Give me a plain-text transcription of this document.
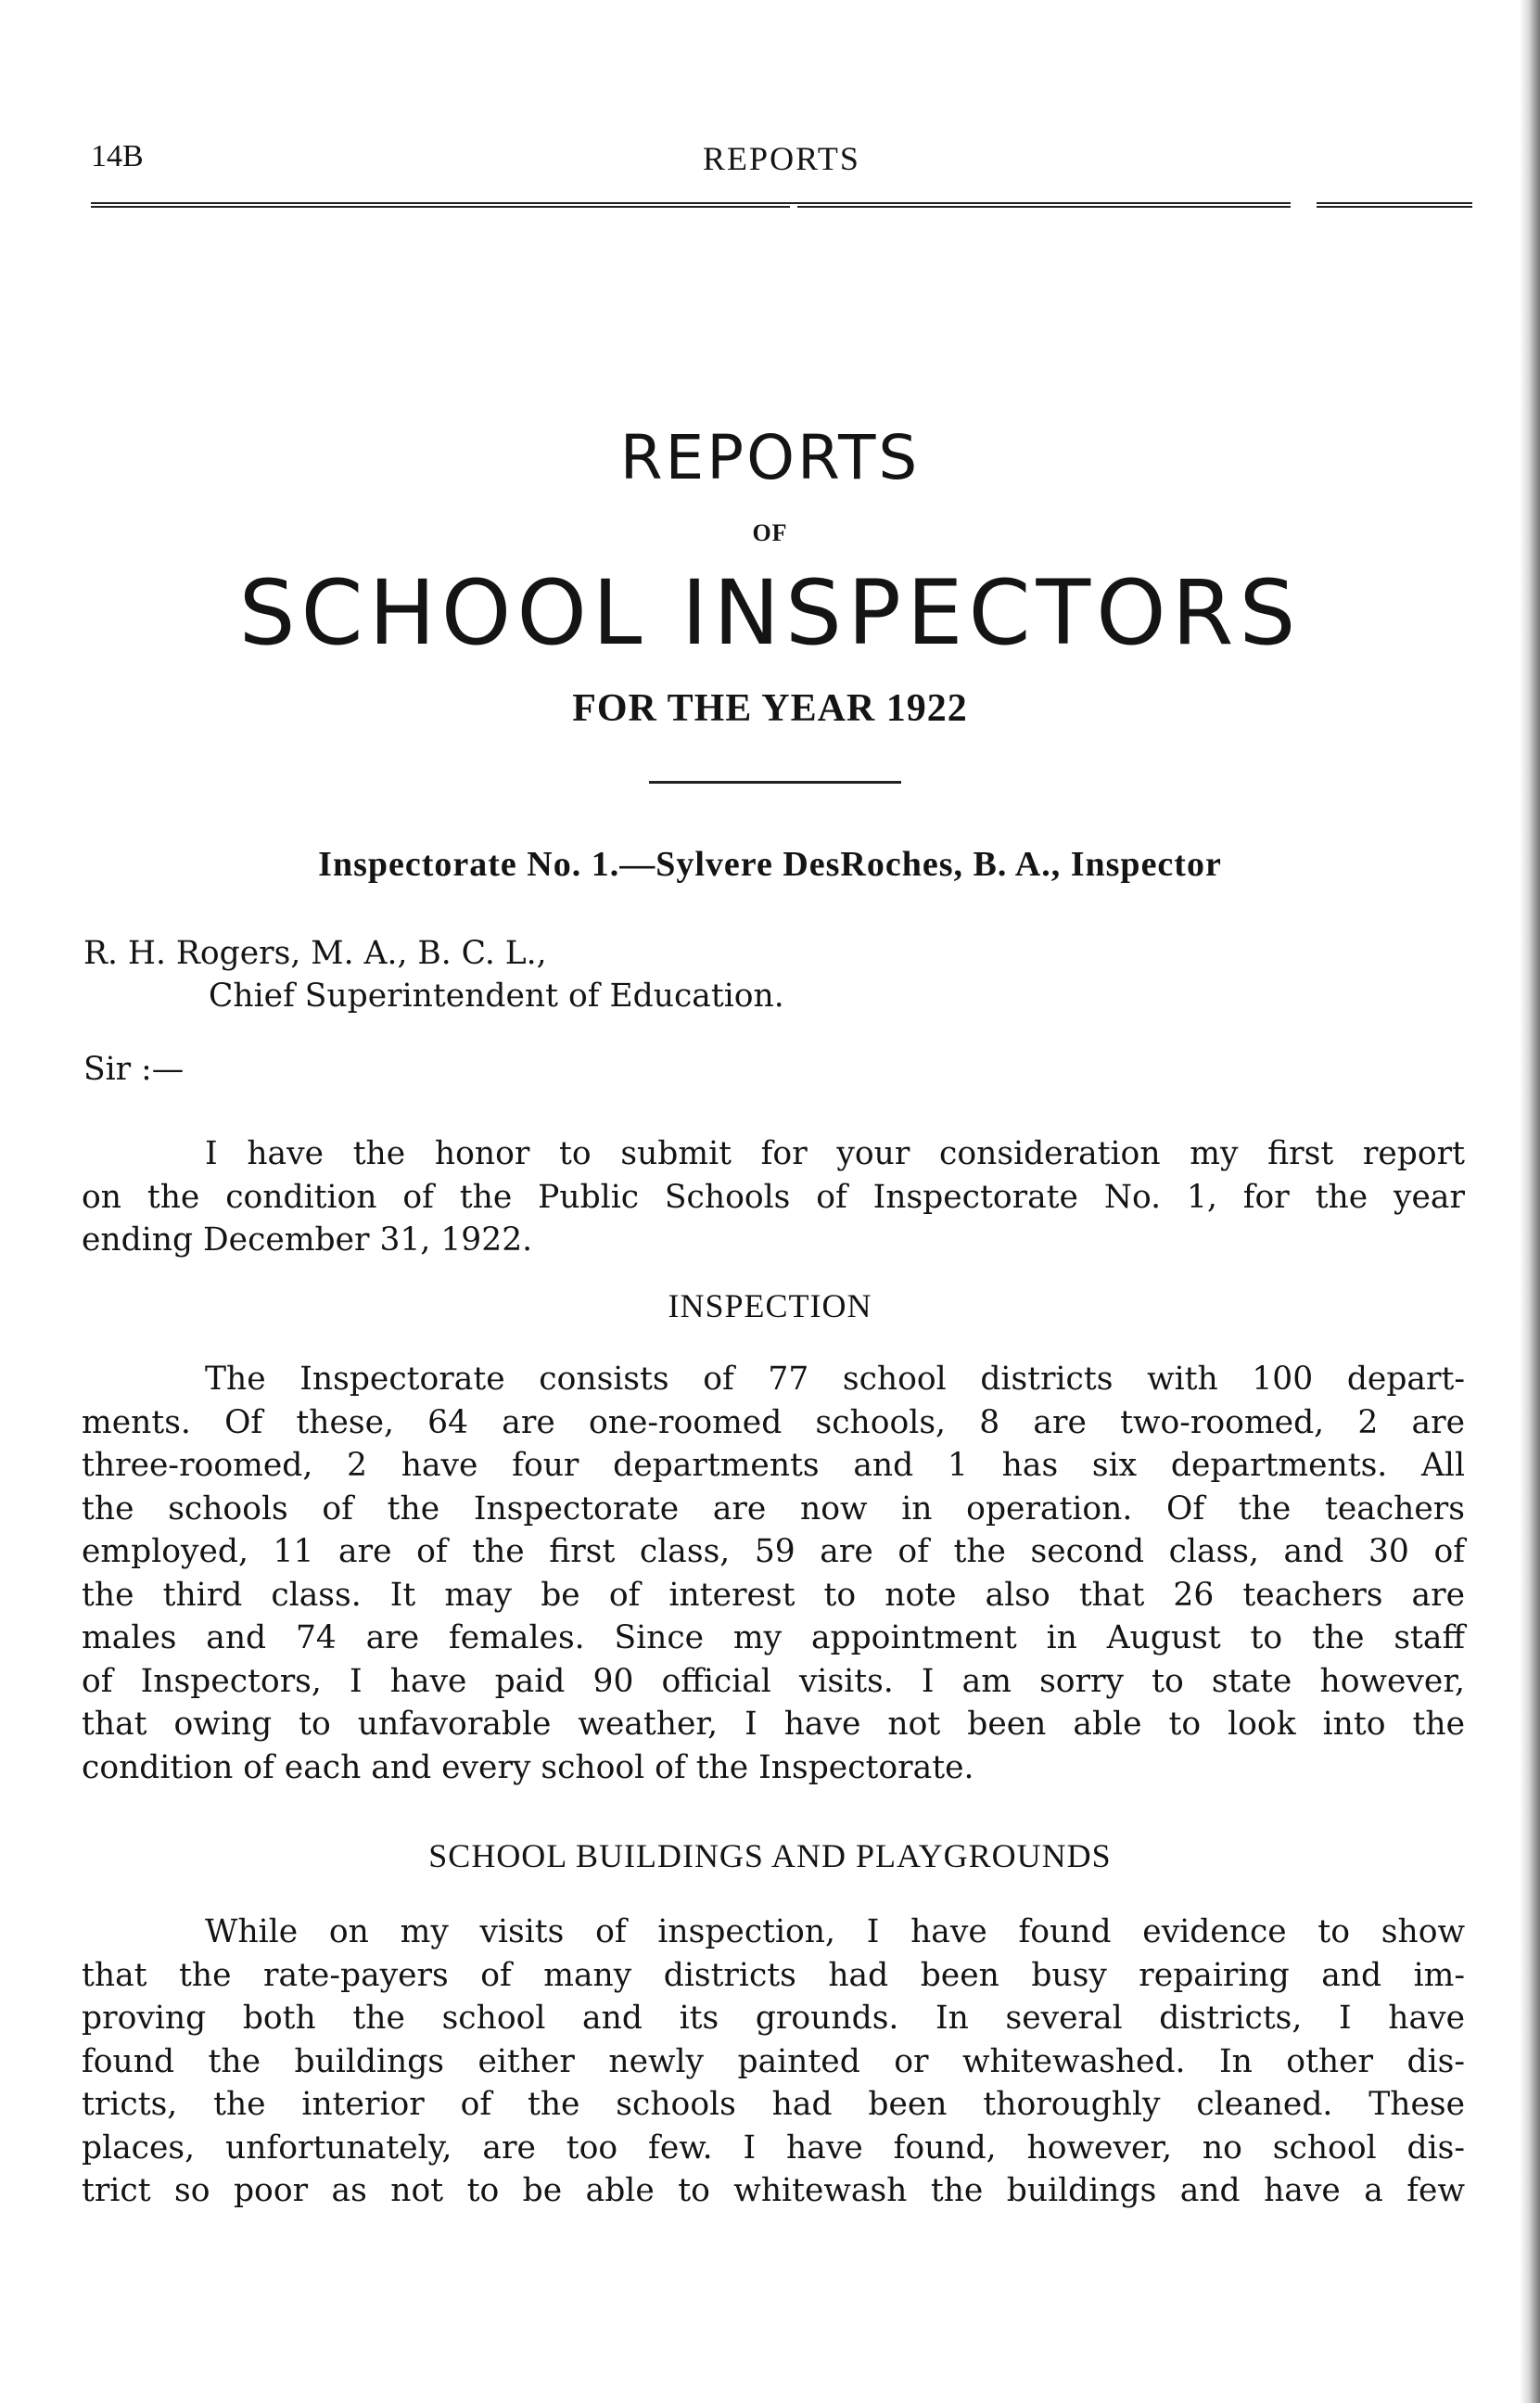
14B	REPORTS
REPORTS
OF
SCHOOL INSPECTORS
FOR THE YEAR 1922
Inspectorate No. 1.—Sylvere DesRoches, B. A., Inspector
R. H. Rogers, M. A., B. C. L.,
Chief Superintendent of Education.
Sir :—
I have the honor to submit for your consideration my first report
on the condition of the Public Schools of Inspectorate No. 1, for the year
ending December 31, 1922.
INSPECTION
The Inspectorate consists of 77 school districts with 100 depart-
ments. Of these, 64 are one-roomed schools, 8 are two-roomed, 2 are
three-roomed, 2 have four departments and 1 has six departments. All
the schools of the Inspectorate are now in operation. Of the teachers
employed, 11 are of the first class, 59 are of the second class, and 30 of
the third class. It may be of interest to note also that 26 teachers are
males and 74 are females. Since my appointment in August to the staff
of Inspectors, I have paid 90 official visits. I am sorry to state however,
that owing to unfavorable weather, I have not been able to look into the
condition of each and every school of the Inspectorate.
SCHOOL BUILDINGS AND PLAYGROUNDS
While on my visits of inspection, I have found evidence to show
that the rate-payers of many districts had been busy repairing and im-
proving both the school and its grounds. In several districts, I have
found the buildings either newly painted or whitewashed. In other dis-
tricts, the interior of the schools had been thoroughly cleaned. These
places, unfortunately, are too few. I have found, however, no school dis-
trict so poor as not to be able to whitewash the buildings and have a few
